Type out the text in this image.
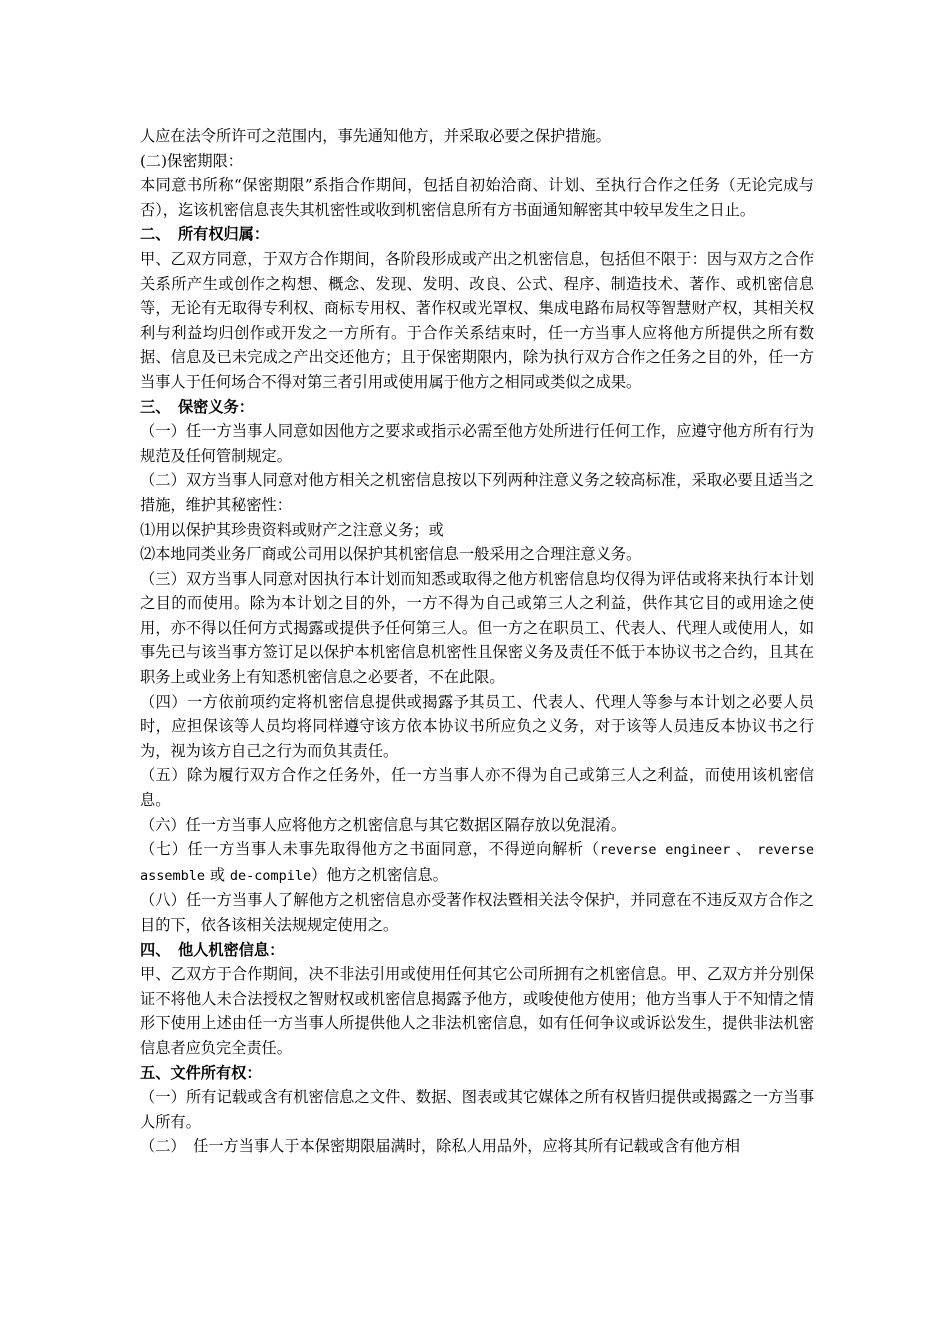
人应在法令所许可之范围内，事先通知他方，并采取必要之保护措施。

(二)保密期限：

本同意书所称“保密期限”系指合作期间，包括自初始洽商、计划、至执行合作之任务（无论完成与否），迄该机密信息丧失其机密性或收到机密信息所有方书面通知解密其中较早发生之日止。

二、　所有权归属：

甲、乙双方同意，于双方合作期间，各阶段形成或产出之机密信息，包括但不限于：因与双方之合作关系所产生或创作之构想、概念、发现、发明、改良、公式、程序、制造技术、著作、或机密信息等，无论有无取得专利权、商标专用权、著作权或光罩权、集成电路布局权等智慧财产权，其相关权利与利益均归创作或开发之一方所有。于合作关系结束时，任一方当事人应将他方所提供之所有数据、信息及已未完成之产出交还他方；且于保密期限内，除为执行双方合作之任务之目的外，任一方当事人于任何场合不得对第三者引用或使用属于他方之相同或类似之成果。

三、　保密义务：

（一）任一方当事人同意如因他方之要求或指示必需至他方处所进行任何工作，应遵守他方所有行为规范及任何管制规定。

（二）双方当事人同意对他方相关之机密信息按以下列两种注意义务之较高标准，采取必要且适当之措施，维护其秘密性：

⑴用以保护其珍贵资料或财产之注意义务；或

⑵本地同类业务厂商或公司用以保护其机密信息一般采用之合理注意义务。

（三）双方当事人同意对因执行本计划而知悉或取得之他方机密信息均仅得为评估或将来执行本计划之目的而使用。除为本计划之目的外，一方不得为自己或第三人之利益，供作其它目的或用途之使用，亦不得以任何方式揭露或提供予任何第三人。但一方之在职员工、代表人、代理人或使用人，如事先已与该当事方签订足以保护本机密信息机密性且保密义务及责任不低于本协议书之合约，且其在职务上或业务上有知悉机密信息之必要者，不在此限。

（四）一方依前项约定将机密信息提供或揭露予其员工、代表人、代理人等参与本计划之必要人员时，应担保该等人员均将同样遵守该方依本协议书所应负之义务，对于该等人员违反本协议书之行为，视为该方自己之行为而负其责任。

（五）除为履行双方合作之任务外，任一方当事人亦不得为自己或第三人之利益，而使用该机密信息。

（六）任一方当事人应将他方之机密信息与其它数据区隔存放以免混淆。

（七）任一方当事人未事先取得他方之书面同意，不得逆向解析（reverse engineer 、 reverse assemble 或 de-compile）他方之机密信息。

（八）任一方当事人了解他方之机密信息亦受著作权法暨相关法令保护，并同意在不违反双方合作之目的下，依各该相关法规规定使用之。

四、　他人机密信息：

甲、乙双方于合作期间，决不非法引用或使用任何其它公司所拥有之机密信息。甲、乙双方并分别保证不将他人未合法授权之智财权或机密信息揭露予他方，或唆使他方使用；他方当事人于不知情之情形下使用上述由任一方当事人所提供他人之非法机密信息，如有任何争议或诉讼发生，提供非法机密信息者应负完全责任。

五、文件所有权：

（一）所有记载或含有机密信息之文件、数据、图表或其它媒体之所有权皆归提供或揭露之一方当事人所有。

（二）　任一方当事人于本保密期限届满时，除私人用品外，应将其所有记载或含有他方相
